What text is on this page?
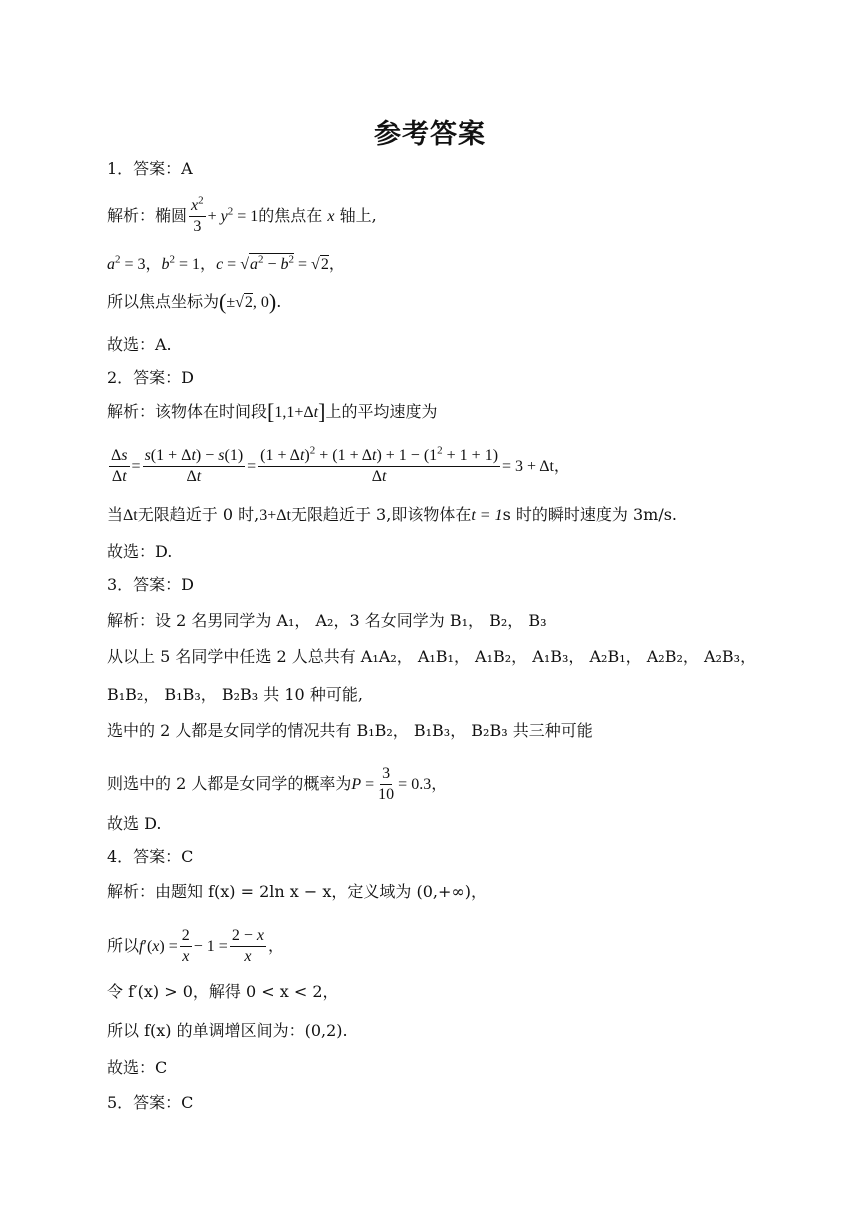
参考答案
1．答案：A
解析：椭圆 $\frac{x^2}{3} + y^2 = 1$的焦点在 x 轴上,
$a^2 = 3$，$b^2 = 1$，$c = √a^2 - b^2 = √2$，
所以焦点坐标为(±√2, 0).
故选：A.
2．答案：D
解析：该物体在时间段[1,1+Δt]上的平均速度为
$\frac{\Delta s}{\Delta t} = \frac{s(1 + \Delta t) - s(1)}{\Delta t} = \frac{(1 + \Delta t)^2 + (1 + \Delta t) + 1 - (1^2 + 1 + 1)}{\Delta t} = 3 + \Delta t$，
当Δt无限趋近于 0 时,3+Δt无限趋近于 3,即该物体在t = 1s 时的瞬时速度为 3m/s.
故选：D.
3．答案：D
解析：设 2 名男同学为 A₁， A₂，3 名女同学为 B₁， B₂， B₃
从以上 5 名同学中任选 2 人总共有 A₁A₂， A₁B₁， A₁B₂， A₁B₃， A₂B₁， A₂B₂， A₂B₃，
B₁B₂， B₁B₃， B₂B₃ 共 10 种可能,
选中的 2 人都是女同学的情况共有 B₁B₂， B₁B₃， B₂B₃ 共三种可能
则选中的 2 人都是女同学的概率为$P = \frac{3}{10} = 0.3$，
故选 D.
4．答案：C
解析：由题知 f(x) = 2ln x − x，定义域为 (0,+∞)，
所以$f'(x) = \frac{2}{x} - 1 = \frac{2 - x}{x}$ ，
令 f′(x) > 0，解得 0 < x < 2，
所以 f(x) 的单调增区间为：(0,2).
故选：C
5．答案：C
